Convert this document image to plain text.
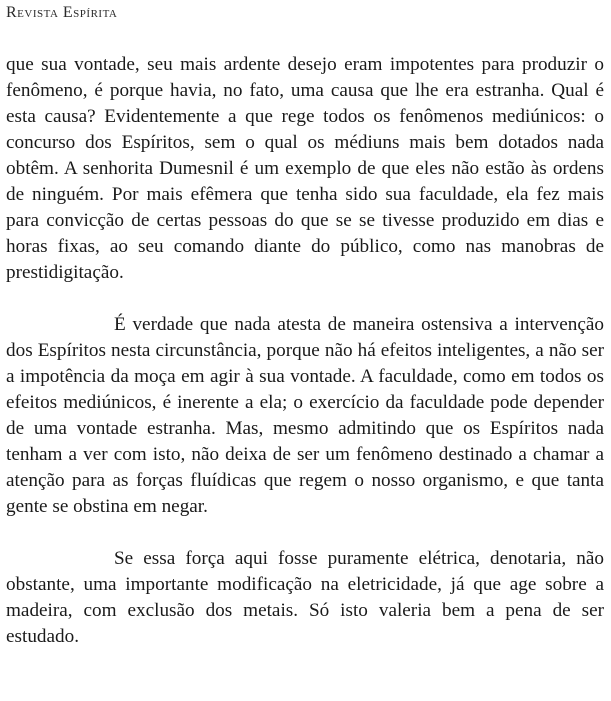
Revista Espírita

que sua vontade, seu mais ardente desejo eram impotentes para produzir o fenômeno, é porque havia, no fato, uma causa que lhe era estranha. Qual é esta causa? Evidentemente a que rege todos os fenômenos mediúnicos: o concurso dos Espíritos, sem o qual os médiuns mais bem dotados nada obtêm. A senhorita Dumesnil é um exemplo de que eles não estão às ordens de ninguém. Por mais efêmera que tenha sido sua faculdade, ela fez mais para convicção de certas pessoas do que se se tivesse produzido em dias e horas fixas, ao seu comando diante do público, como nas manobras de prestidigitação.

É verdade que nada atesta de maneira ostensiva a intervenção dos Espíritos nesta circunstância, porque não há efeitos inteligentes, a não ser a impotência da moça em agir à sua vontade. A faculdade, como em todos os efeitos mediúnicos, é inerente a ela; o exercício da faculdade pode depender de uma vontade estranha. Mas, mesmo admitindo que os Espíritos nada tenham a ver com isto, não deixa de ser um fenômeno destinado a chamar a atenção para as forças fluídicas que regem o nosso organismo, e que tanta gente se obstina em negar.

Se essa força aqui fosse puramente elétrica, denotaria, não obstante, uma importante modificação na eletricidade, já que age sobre a madeira, com exclusão dos metais. Só isto valeria bem a pena de ser estudado.
